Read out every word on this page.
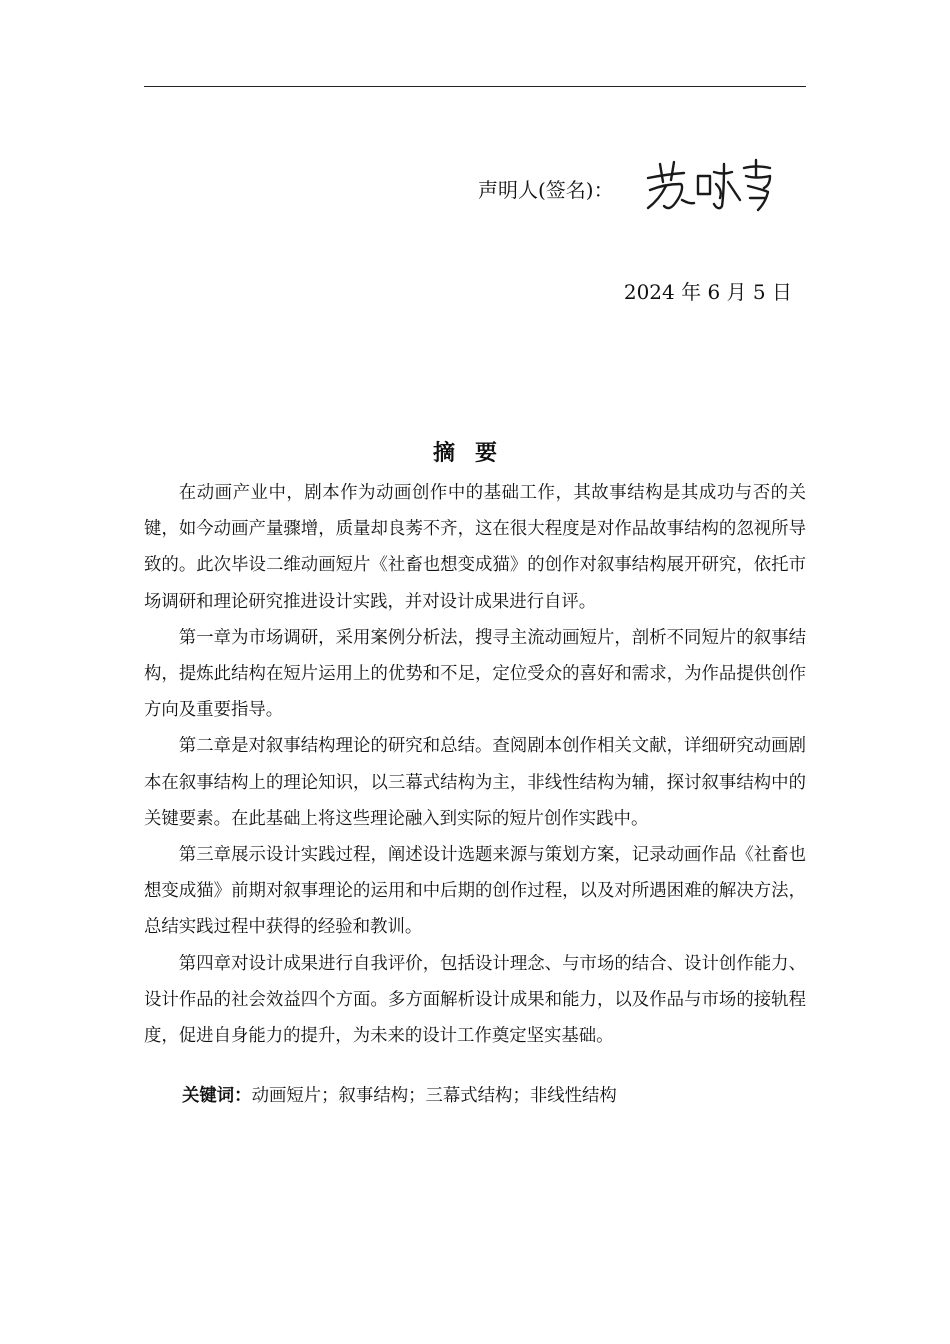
声明人(签名)：
2024 年 6 月 5 日
摘要

在动画产业中，剧本作为动画创作中的基础工作，其故事结构是其成功与否的关键，如今动画产量骤增，质量却良莠不齐，这在很大程度是对作品故事结构的忽视所导致的。此次毕设二维动画短片《社畜也想变成猫》的创作对叙事结构展开研究，依托市场调研和理论研究推进设计实践，并对设计成果进行自评。

第一章为市场调研，采用案例分析法，搜寻主流动画短片，剖析不同短片的叙事结构，提炼此结构在短片运用上的优势和不足，定位受众的喜好和需求，为作品提供创作方向及重要指导。

第二章是对叙事结构理论的研究和总结。查阅剧本创作相关文献，详细研究动画剧本在叙事结构上的理论知识，以三幕式结构为主，非线性结构为辅，探讨叙事结构中的关键要素。在此基础上将这些理论融入到实际的短片创作实践中。

第三章展示设计实践过程，阐述设计选题来源与策划方案，记录动画作品《社畜也想变成猫》前期对叙事理论的运用和中后期的创作过程，以及对所遇困难的解决方法，总结实践过程中获得的经验和教训。

第四章对设计成果进行自我评价，包括设计理念、与市场的结合、设计创作能力、设计作品的社会效益四个方面。多方面解析设计成果和能力，以及作品与市场的接轨程度，促进自身能力的提升，为未来的设计工作奠定坚实基础。

关键词：动画短片；叙事结构；三幕式结构；非线性结构
